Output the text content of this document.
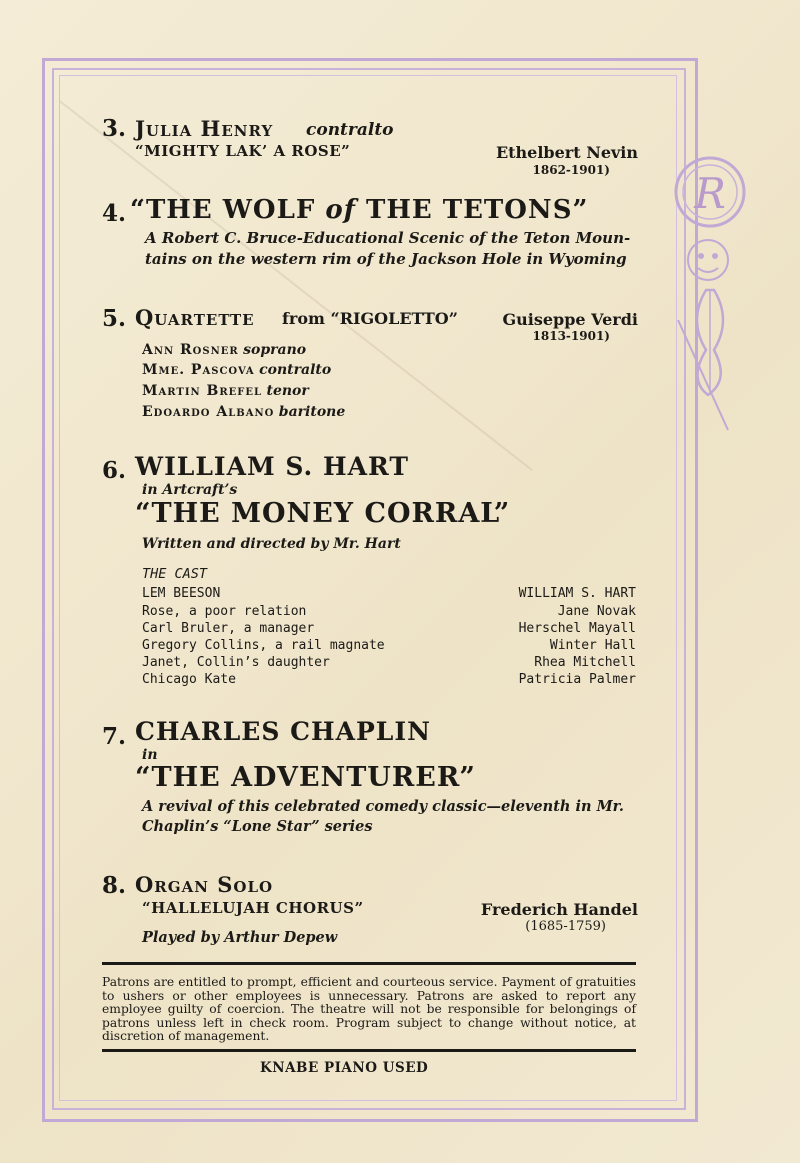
R
3. Julia Henry contralto
“MIGHTY LAK’ A ROSE”	Ethelbert Nevin
1862-1901)
4. “THE WOLF of THE TETONS”
A Robert C. Bruce-Educational Scenic of the Teton Moun-
tains on the western rim of the Jackson Hole in Wyoming
5. Quartette from “RIGOLETTO”	Guiseppe Verdi
1813-1901)
Ann Rosner soprano
Mme. Pascova contralto
Martin Brefel tenor
Edoardo Albano baritone
6. WILLIAM S. HART
in Artcraft’s
“THE MONEY CORRAL”
Written and directed by Mr. Hart
THE CAST
LEM BEESON	WILLIAM S. HART
Rose, a poor relation	Jane Novak
Carl Bruler, a manager	Herschel Mayall
Gregory Collins, a rail magnate	Winter Hall
Janet, Collin’s daughter	Rhea Mitchell
Chicago Kate	Patricia Palmer
7. CHARLES CHAPLIN
in
“THE ADVENTURER”
A revival of this celebrated comedy classic—eleventh in Mr.
Chaplin’s “Lone Star” series
8. Organ Solo
“HALLELUJAH CHORUS”	Frederich Handel
(1685-1759)
Played by Arthur Depew
Patrons are entitled to prompt, efficient and courteous service. Payment of gratuities to ushers or other employees is unnecessary. Patrons are asked to report any employee guilty of coercion. The theatre will not be responsible for belongings of patrons unless left in check room. Program subject to change without notice, at discretion of management.
KNABE PIANO USED
